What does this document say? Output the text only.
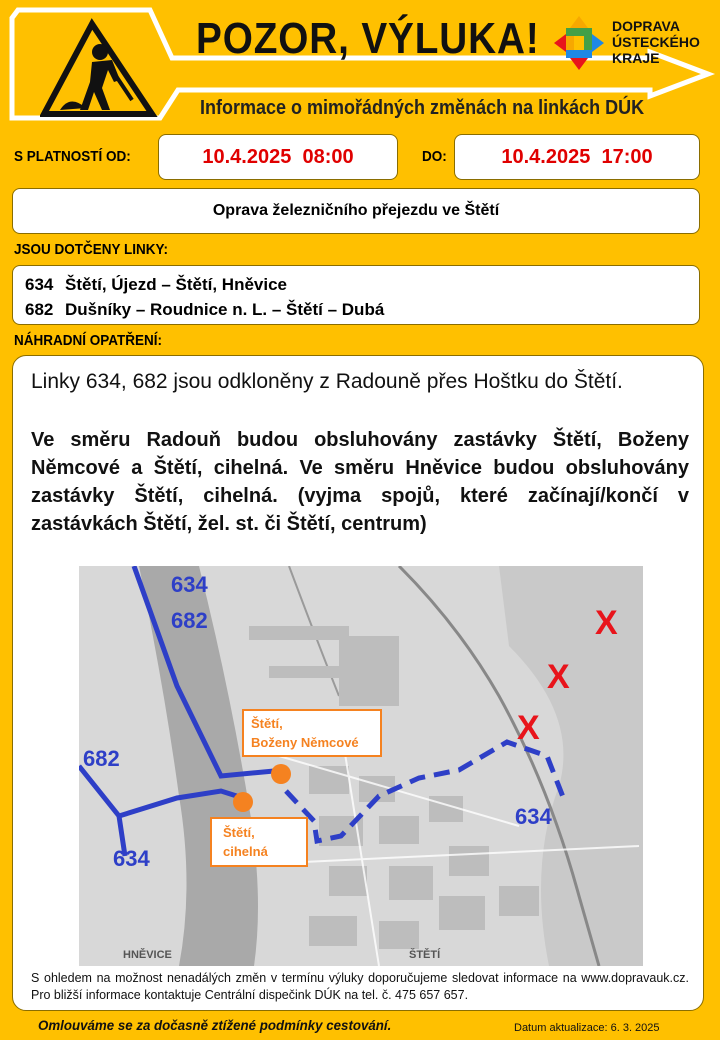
POZOR, VÝLUKA!
Informace o mimořádných změnách na linkách DÚK
DOPRAVA
ÚSTECKÉHO
KRAJE
S PLATNOSTÍ OD:	10.4.2025  08:00	DO:	10.4.2025  17:00
Oprava železničního přejezdu ve Štětí
JSOU DOTČENY LINKY:
634 Štětí, Újezd – Štětí, Hněvice
682 Dušníky – Roudnice n. L. – Štětí – Dubá
NÁHRADNÍ OPATŘENÍ:
Linky 634, 682 jsou odkloněny z Radouně přes Hoštku do Štětí.
Ve směru Radouň budou obsluhovány zastávky Štětí, Boženy Němcové a Štětí, cihelná. Ve směru Hněvice budou obsluhovány zastávky Štětí, cihelná. (vyjma spojů, které začínají/končí v zastávkách Štětí, žel. st. či Štětí, centrum)
X
X
X
634
682
682
634
634
Štětí,
Boženy Němcové
Štětí,
cihelná
HNĚVICE	ŠTĚTÍ
S ohledem na možnost nenadálých změn v termínu výluky doporučujeme sledovat informace na www.dopravauk.cz. Pro bližší informace kontaktuje Centrální dispečink DÚK na tel. č. 475 657 657.
Omlouváme se za dočasně ztížené podmínky cestování.	Datum aktualizace: 6. 3. 2025
